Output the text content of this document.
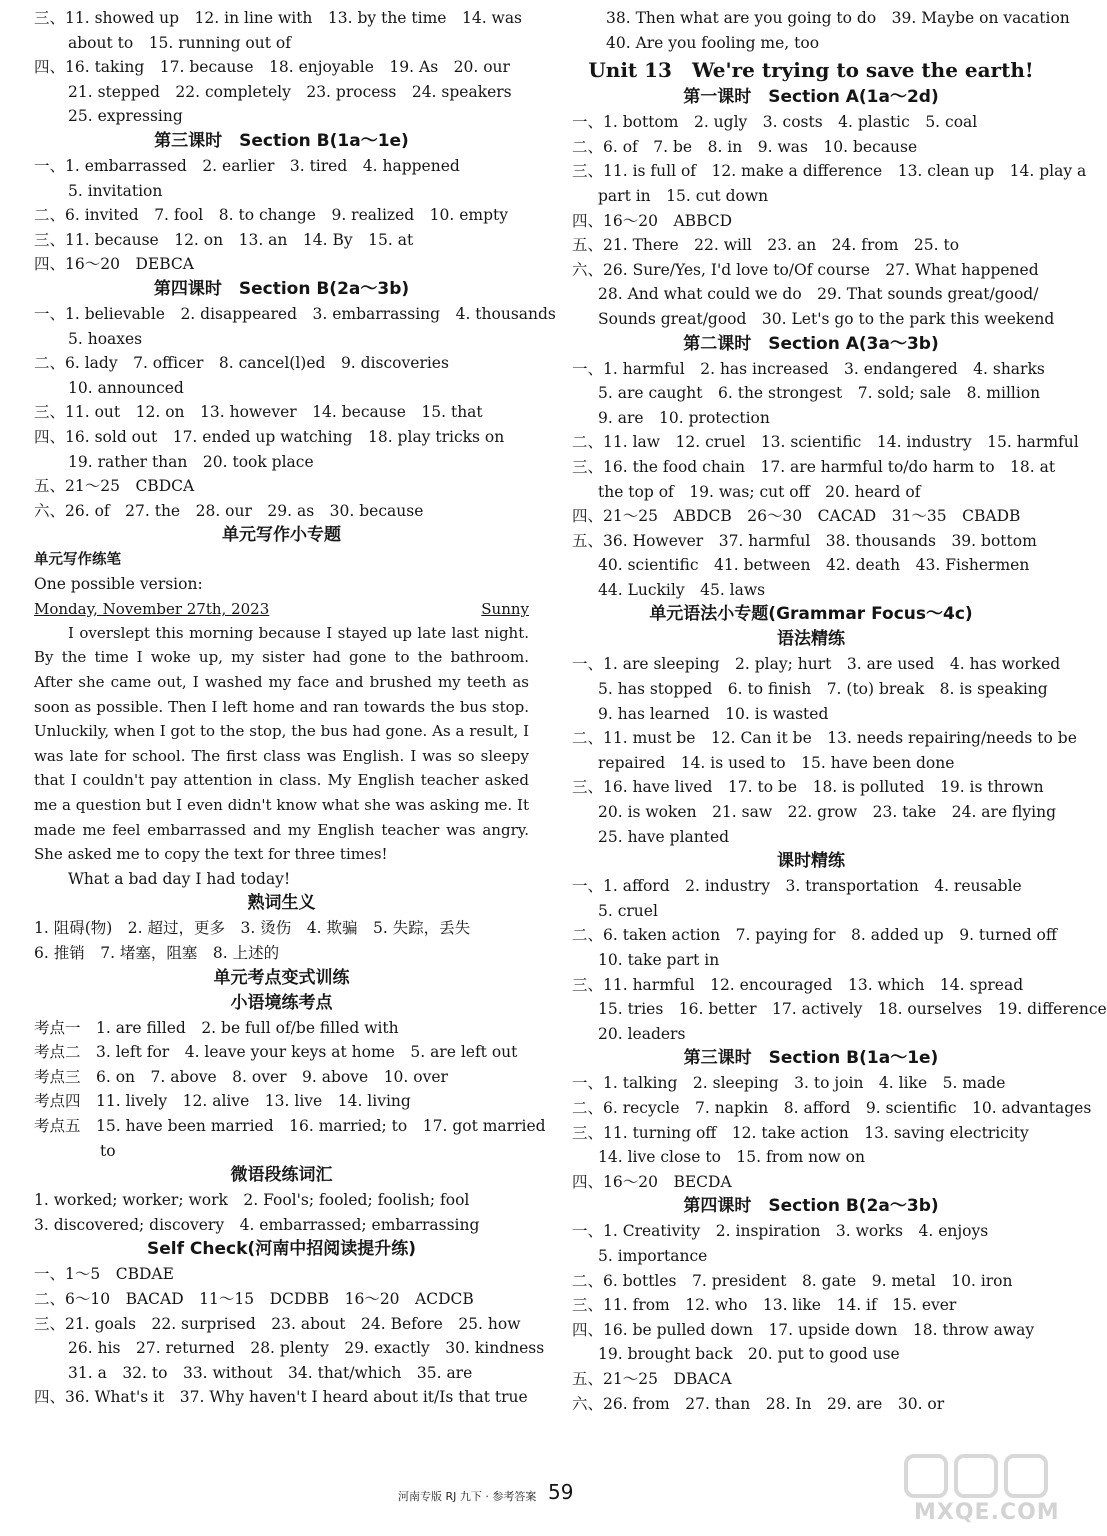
三、11. showed up　12. in line with　13. by the time　14. was
about to　15. running out of
四、16. taking　17. because　18. enjoyable　19. As　20. our
21. stepped　22. completely　23. process　24. speakers
25. expressing
第三课时　Section B(1a～1e)
一、1. embarrassed　2. earlier　3. tired　4. happened
5. invitation
二、6. invited　7. fool　8. to change　9. realized　10. empty
三、11. because　12. on　13. an　14. By　15. at
四、16～20　DEBCA
第四课时　Section B(2a～3b)
一、1. believable　2. disappeared　3. embarrassing　4. thousands
5. hoaxes
二、6. lady　7. officer　8. cancel(l)ed　9. discoveries
10. announced
三、11. out　12. on　13. however　14. because　15. that
四、16. sold out　17. ended up watching　18. play tricks on
19. rather than　20. took place
五、21～25　CBDCA
六、26. of　27. the　28. our　29. as　30. because
单元写作小专题
单元写作练笔
One possible version:
Monday, November 27th, 2023	Sunny
I overslept this morning because I stayed up late last night. By the time I woke up, my sister had gone to the bathroom. After she came out, I washed my face and brushed my teeth as soon as possible. Then I left home and ran towards the bus stop. Unluckily, when I got to the stop, the bus had gone. As a result, I was late for school. The first class was English. I was so sleepy that I couldn't pay attention in class. My English teacher asked me a question but I even didn't know what she was asking me. It made me feel embarrassed and my English teacher was angry. She asked me to copy the text for three times!
What a bad day I had today!
熟词生义
1. 阻碍(物)　2. 超过，更多　3. 烫伤　4. 欺骗　5. 失踪，丢失
6. 推销　7. 堵塞，阻塞　8. 上述的
单元考点变式训练
小语境练考点
考点一　1. are filled　2. be full of/be filled with
考点二　3. left for　4. leave your keys at home　5. are left out
考点三　6. on　7. above　8. over　9. above　10. over
考点四　11. lively　12. alive　13. live　14. living
考点五　15. have been married　16. married; to　17. got married
to
微语段练词汇
1. worked; worker; work　2. Fool's; fooled; foolish; fool
3. discovered; discovery　4. embarrassed; embarrassing
Self Check(河南中招阅读提升练)
一、1～5　CBDAE
二、6～10　BACAD　11～15　DCDBB　16～20　ACDCB
三、21. goals　22. surprised　23. about　24. Before　25. how
26. his　27. returned　28. plenty　29. exactly　30. kindness
31. a　32. to　33. without　34. that/which　35. are
四、36. What's it　37. Why haven't I heard about it/Is that true
38. Then what are you going to do　39. Maybe on vacation
40. Are you fooling me, too
Unit 13　We're trying to save the earth!
第一课时　Section A(1a～2d)
一、1. bottom　2. ugly　3. costs　4. plastic　5. coal
二、6. of　7. be　8. in　9. was　10. because
三、11. is full of　12. make a difference　13. clean up　14. play a
part in　15. cut down
四、16～20　ABBCD
五、21. There　22. will　23. an　24. from　25. to
六、26. Sure/Yes, I'd love to/Of course　27. What happened
28. And what could we do　29. That sounds great/good/
Sounds great/good　30. Let's go to the park this weekend
第二课时　Section A(3a～3b)
一、1. harmful　2. has increased　3. endangered　4. sharks
5. are caught　6. the strongest　7. sold; sale　8. million
9. are　10. protection
二、11. law　12. cruel　13. scientific　14. industry　15. harmful
三、16. the food chain　17. are harmful to/do harm to　18. at
the top of　19. was; cut off　20. heard of
四、21～25　ABDCB　26～30　CACAD　31～35　CBADB
五、36. However　37. harmful　38. thousands　39. bottom
40. scientific　41. between　42. death　43. Fishermen
44. Luckily　45. laws
单元语法小专题(Grammar Focus～4c)
语法精练
一、1. are sleeping　2. play; hurt　3. are used　4. has worked
5. has stopped　6. to finish　7. (to) break　8. is speaking
9. has learned　10. is wasted
二、11. must be　12. Can it be　13. needs repairing/needs to be
repaired　14. is used to　15. have been done
三、16. have lived　17. to be　18. is polluted　19. is thrown
20. is woken　21. saw　22. grow　23. take　24. are flying
25. have planted
课时精练
一、1. afford　2. industry　3. transportation　4. reusable
5. cruel
二、6. taken action　7. paying for　8. added up　9. turned off
10. take part in
三、11. harmful　12. encouraged　13. which　14. spread
15. tries　16. better　17. actively　18. ourselves　19. difference
20. leaders
第三课时　Section B(1a～1e)
一、1. talking　2. sleeping　3. to join　4. like　5. made
二、6. recycle　7. napkin　8. afford　9. scientific　10. advantages
三、11. turning off　12. take action　13. saving electricity
14. live close to　15. from now on
四、16～20　BECDA
第四课时　Section B(2a～3b)
一、1. Creativity　2. inspiration　3. works　4. enjoys
5. importance
二、6. bottles　7. president　8. gate　9. metal　10. iron
三、11. from　12. who　13. like　14. if　15. ever
四、16. be pulled down　17. upside down　18. throw away
19. brought back　20. put to good use
五、21～25　DBACA
六、26. from　27. than　28. In　29. are　30. or
河南专版 RJ 九下 · 参考答案 59
MXQE.COM
